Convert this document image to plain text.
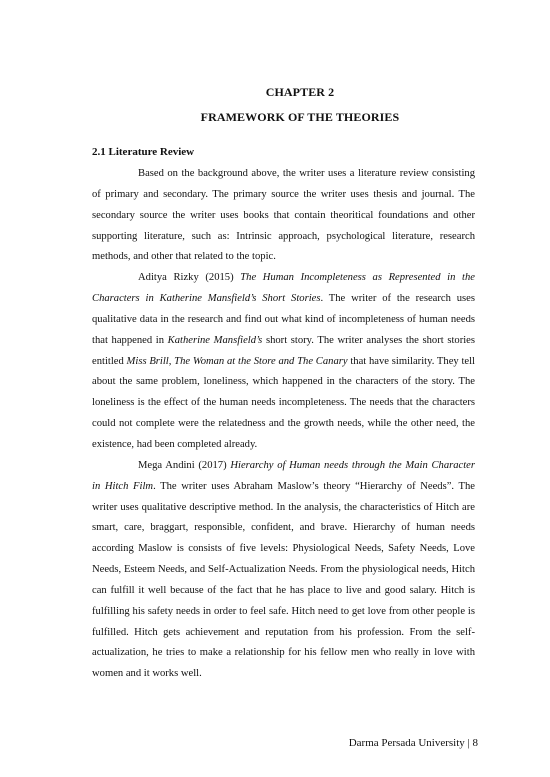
CHAPTER 2
FRAMEWORK OF THE THEORIES
2.1 Literature Review

Based on the background above, the writer uses a literature review consisting of primary and secondary. The primary source the writer uses thesis and journal. The secondary source the writer uses books that contain theoritical foundations and other supporting literature, such as: Intrinsic approach, psychological literature, research methods, and other that related to the topic.

Aditya Rizky (2015) The Human Incompleteness as Represented in the Characters in Katherine Mansfield’s Short Stories. The writer of the research uses qualitative data in the research and find out what kind of incompleteness of human needs that happened in Katherine Mansfield’s short story. The writer analyses the short stories entitled Miss Brill, The Woman at the Store and The Canary that have similarity. They tell about the same problem, loneliness, which happened in the characters of the story. The loneliness is the effect of the human needs incompleteness. The needs that the characters could not complete were the relatedness and the growth needs, while the other need, the existence, had been completed already.

Mega Andini (2017) Hierarchy of Human needs through the Main Character in Hitch Film. The writer uses Abraham Maslow’s theory “Hierarchy of Needs”. The writer uses qualitative descriptive method. In the analysis, the characteristics of Hitch are smart, care, braggart, responsible, confident, and brave. Hierarchy of human needs according Maslow is consists of five levels: Physiological Needs, Safety Needs, Love Needs, Esteem Needs, and Self-Actualization Needs. From the physiological needs, Hitch can fulfill it well because of the fact that he has place to live and good salary. Hitch is fulfilling his safety needs in order to feel safe. Hitch need to get love from other people is fulfilled. Hitch gets achievement and reputation from his profession. From the self-actualization, he tries to make a relationship for his fellow men who really in love with women and it works well.

Darma Persada University | 8
